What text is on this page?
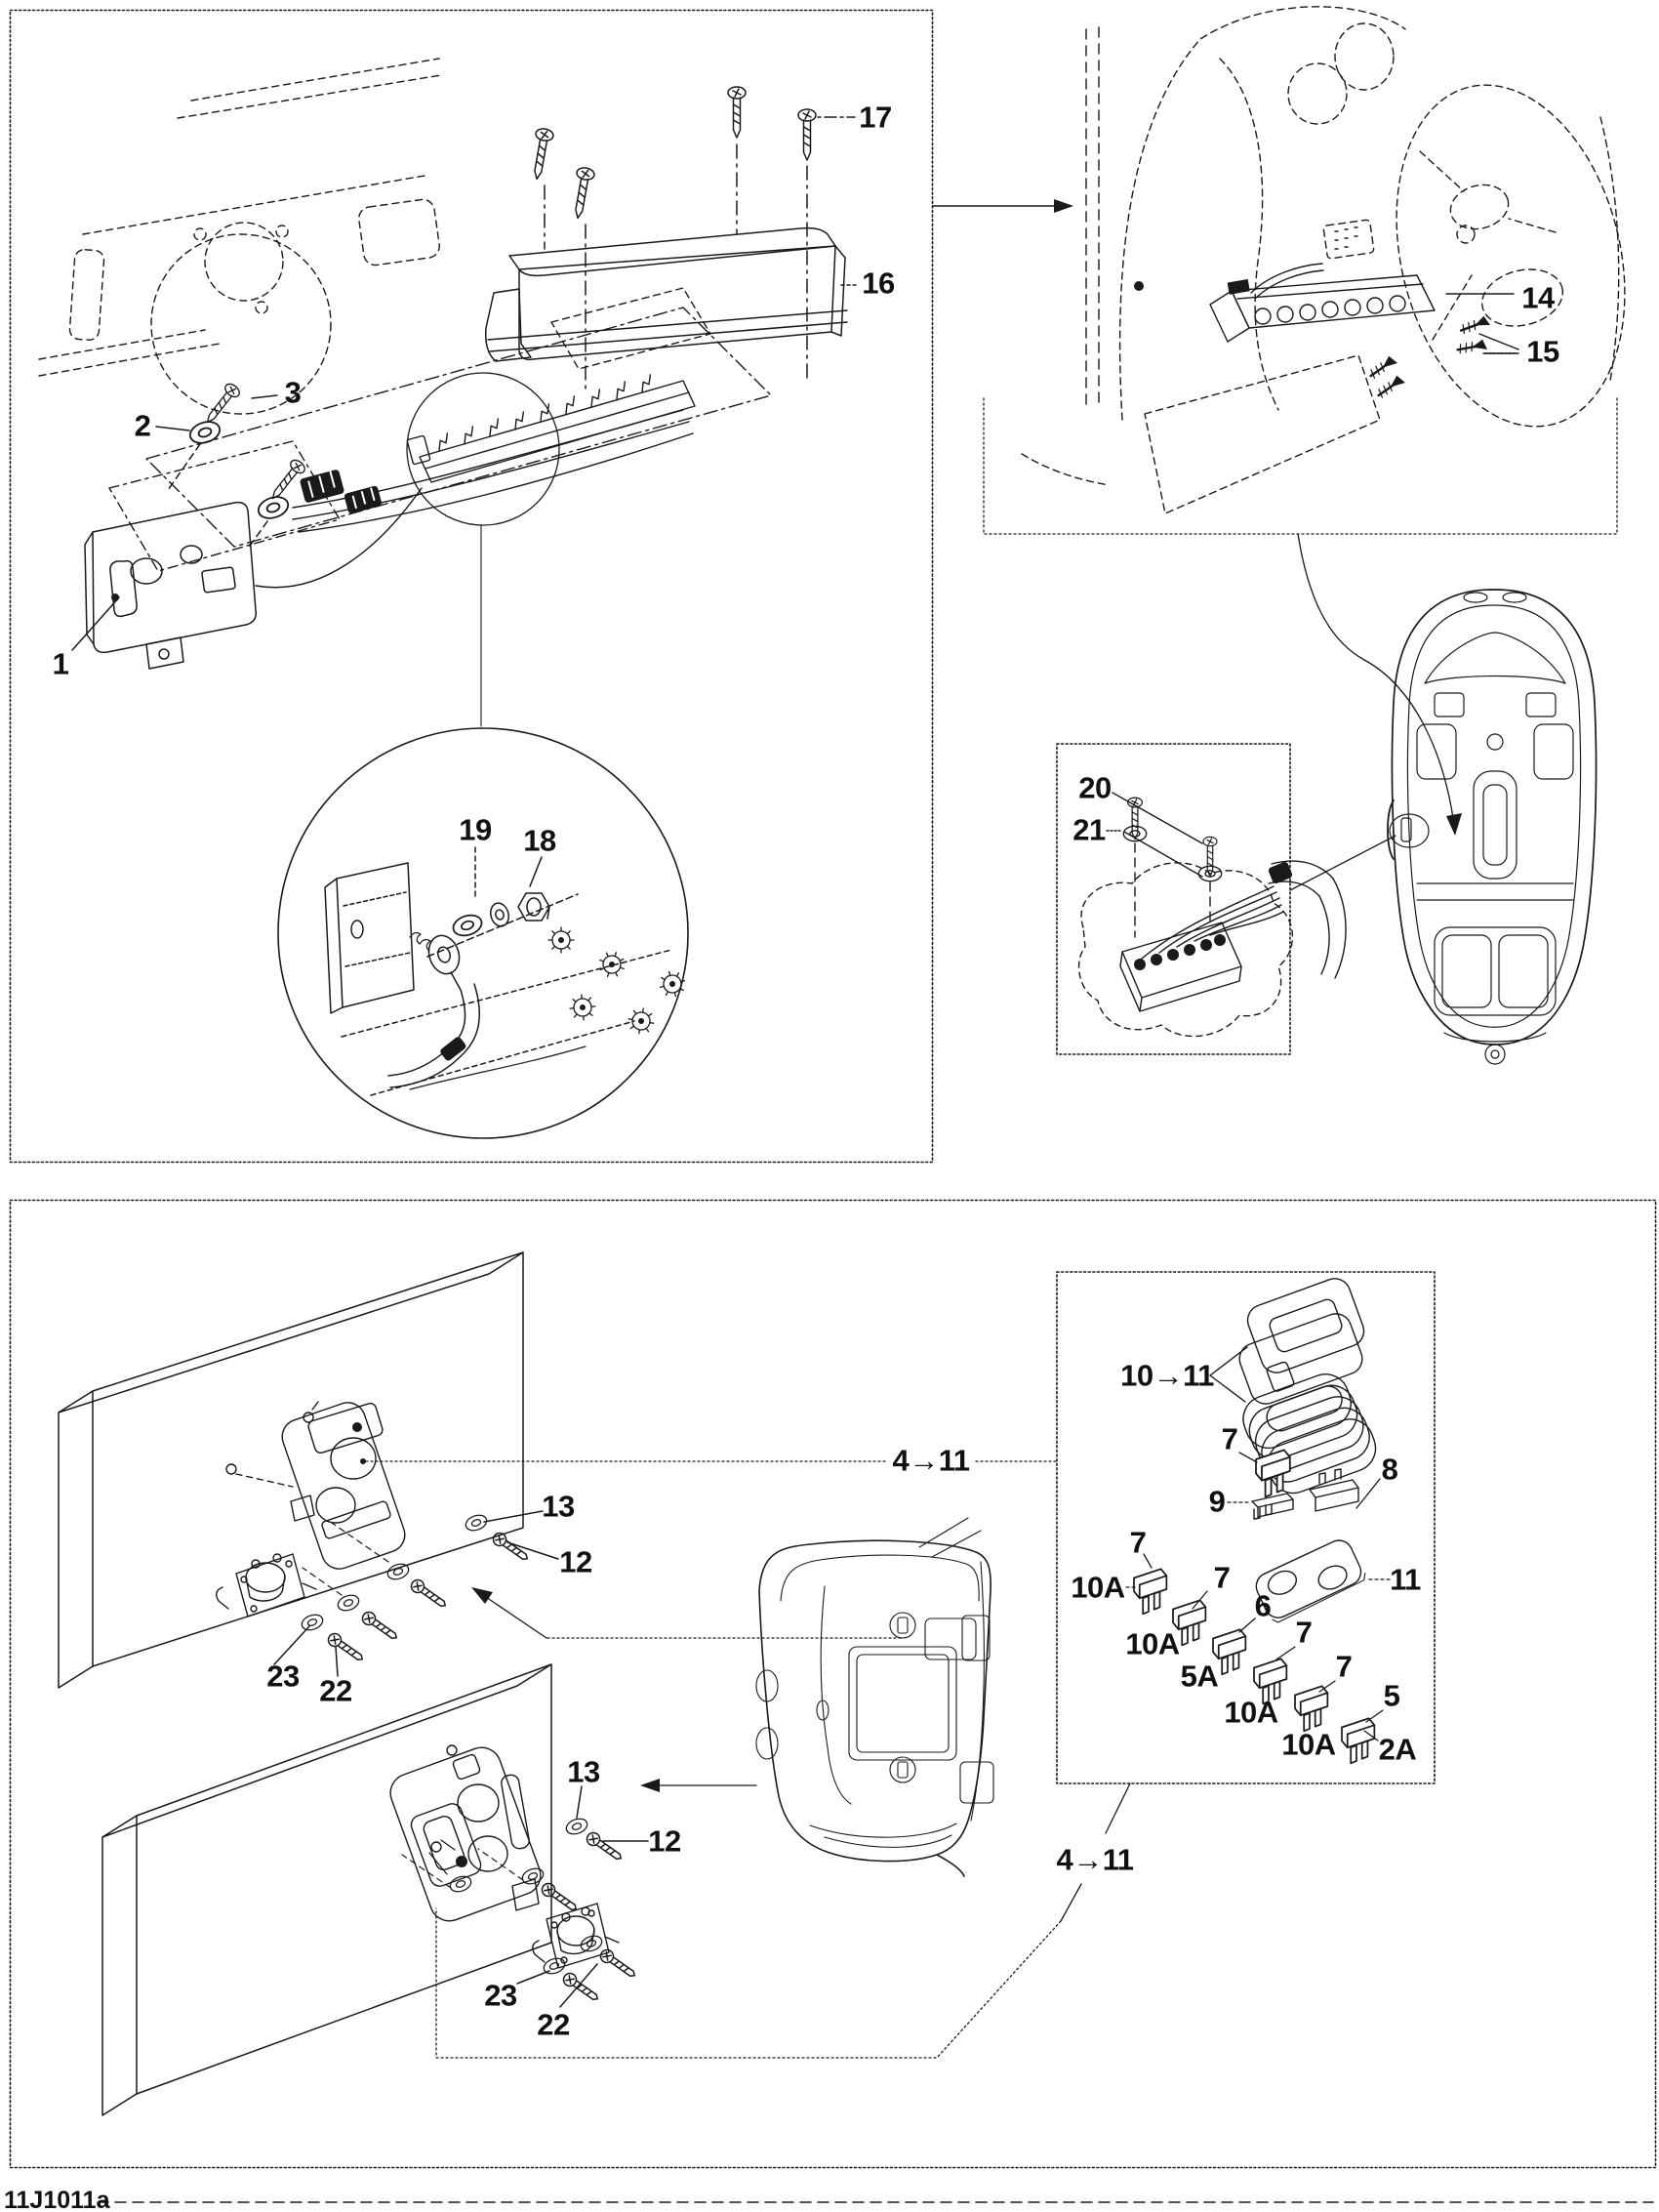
17
16
3
2
1
19 18
14
15
20
21
4→11
13
12
23 22
13
12
23
22
10→11
7
8
9
7
10A	7	11
6
10A
5A
7
10A
7
10A
5
2A
4→11
11J1011a
